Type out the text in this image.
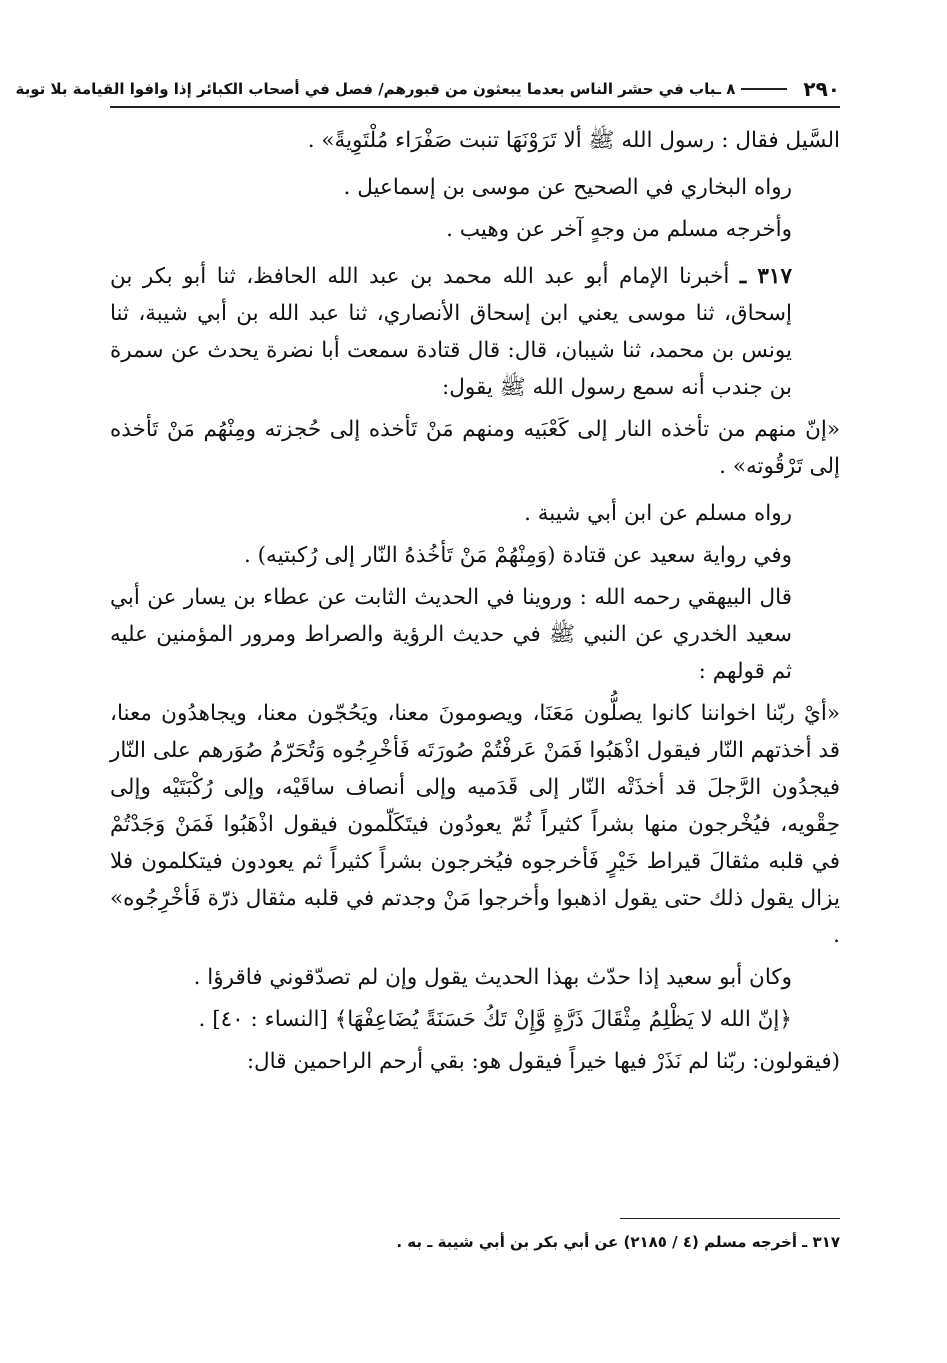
٢٩٠
٨ ـباب في حشر الناس بعدما يبعثون من قبورهم/ فصل في أصحاب الكبائر إذا وافوا القيامة بلا توبة

السَّيل فقال : رسول الله ﷺ ألا تَرَوْنَهَا تنبت صَفْرَاء مُلْتَوِيةً» .

رواه البخاري في الصحيح عن موسى بن إسماعيل .

وأخرجه مسلم من وجهٍ آخر عن وهيب .

٣١٧ ـ أخبرنا الإمام أبو عبد الله محمد بن عبد الله الحافظ، ثنا أبو بكر بن إسحاق، ثنا موسى يعني ابن إسحاق الأنصاري، ثنا عبد الله بن أبي شيبة، ثنا يونس بن محمد، ثنا شيبان، قال: قال قتادة سمعت أبا نضرة يحدث عن سمرة بن جندب أنه سمع رسول الله ﷺ يقول:

«إنّ منهم من تأخذه النار إلى كَعْبَيه ومنهم مَنْ تَأخذه إلى حُجزته ومِنْهُم مَنْ تَأخذه إلى تَرْقُوته» .

رواه مسلم عن ابن أبي شيبة .

وفي رواية سعيد عن قتادة (وَمِنْهُمْ مَنْ تَأخُذهُ النّار إلى رُكبتيه) .

قال البيهقي رحمه الله : وروينا في الحديث الثابت عن عطاء بن يسار عن أبي سعيد الخدري عن النبي ﷺ في حديث الرؤية والصراط ومرور المؤمنين عليه ثم قولهم :

«أيْ ربّنا اخواننا كانوا يصلُّون مَعَنَا، ويصومونَ معنا، ويَحُجّون معنا، ويجاهدُون معنا، قد أخذتهم النّار فيقول اذْهَبُوا فَمَنْ عَرفْتُمْ صُورَتَه فَأخْرِجُوه وَتُحَرّمُ صُوَرهم على النّار فيجدُون الرَّجلَ قد أخذَتْه النّار إلى قَدَميه وإلى أنصاف ساقَيْه، وإلى رُكْبَتَيْه وإلى حِقْويه، فيُخْرجون منها بشراً كثيراً ثُمّ يعودُون فيتَكَلّمون فيقول اذْهَبُوا فَمَنْ وَجَدْتُمْ في قلبه مثقالَ قيراط خَيْرٍ فَأخرجوه فيُخرجون بشراً كثيراً ثم يعودون فيتكلمون فلا يزال يقول ذلك حتى يقول اذهبوا وأخرجوا مَنْ وجدتم في قلبه مثقال ذرّة فَأخْرِجُوه» .

وكان أبو سعيد إذا حدّث بهذا الحديث يقول وإن لم تصدّقوني فاقرؤا .

﴿إنّ الله لا يَظْلِمُ مِثْقَالَ ذَرَّةٍ وَّإِنْ تَكُ حَسَنَةً يُضَاعِفْهَا﴾ [النساء : ٤٠] .

(فيقولون: ربّنا لم نَذَرْ فيها خيراً فيقول هو: بقي أرحم الراحمين قال:

٣١٧ ـ أخرجه مسلم (٤ / ٢١٨٥) عن أبي بكر بن أبي شيبة ـ به .
